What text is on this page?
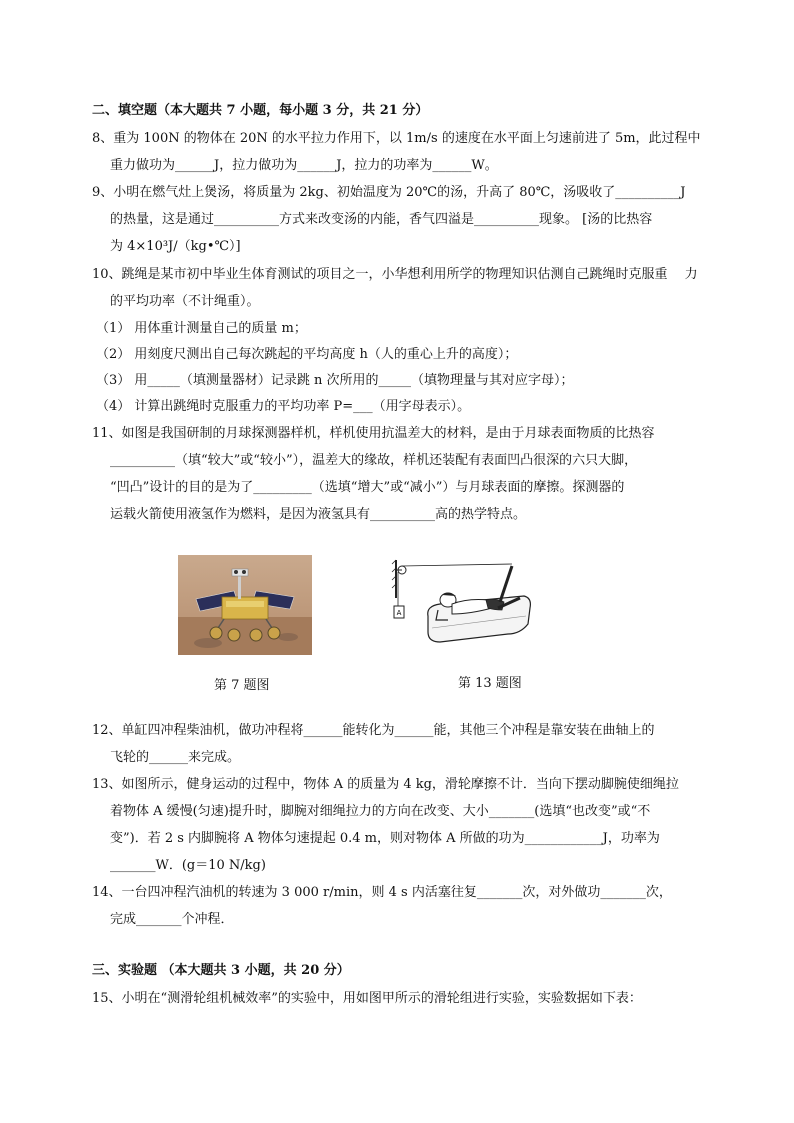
二、填空题（本大题共 7 小题，每小题 3 分，共 21 分）
8、重为 100N 的物体在 20N 的水平拉力作用下，以 1m/s 的速度在水平面上匀速前进了 5m，此过程中
重力做功为______J，拉力做功为______J，拉力的功率为______W。
9、小明在燃气灶上煲汤，将质量为 2kg、初始温度为 20℃的汤，升高了 80℃，汤吸收了__________J
的热量，这是通过__________方式来改变汤的内能，香气四溢是__________现象。 [汤的比热容
为 4×10³J/（kg•℃）]
10、跳绳是某市初中毕业生体育测试的项目之一，小华想利用所学的物理知识估测自己跳绳时克服重　 力
的平均功率（不计绳重）。
（1） 用体重计测量自己的质量 m；
（2） 用刻度尺测出自己每次跳起的平均高度 h（人的重心上升的高度）；
（3） 用_____（填测量器材）记录跳 n 次所用的_____（填物理量与其对应字母）；
（4） 计算出跳绳时克服重力的平均功率 P=___（用字母表示）。
11、如图是我国研制的月球探测器样机，样机使用抗温差大的材料，是由于月球表面物质的比热容
__________（填“较大”或“较小”），温差大的缘故，样机还装配有表面凹凸很深的六只大脚，
“凹凸”设计的目的是为了_________（选填“增大”或“减小”）与月球表面的摩擦。探测器的
运载火箭使用液氢作为燃料，是因为液氢具有__________高的热学特点。
A
第 7 题图	第 13 题图
12、单缸四冲程柴油机，做功冲程将______能转化为______能，其他三个冲程是靠安装在曲轴上的
飞轮的______来完成。
13、如图所示，健身运动的过程中，物体 A 的质量为 4 kg，滑轮摩擦不计．当向下摆动脚腕使细绳拉
着物体 A 缓慢(匀速)提升时，脚腕对细绳拉力的方向在改变、大小_______(选填“也改变”或“不
变”)．若 2 s 内脚腕将 A 物体匀速提起 0.4 m，则对物体 A 所做的功为____________J，功率为
_______W．(g＝10 N/kg)
14、一台四冲程汽油机的转速为 3 000 r/min，则 4 s 内活塞往复_______次，对外做功_______次，
完成_______个冲程．
三、实验题 （本大题共 3 小题，共 20 分）
15、小明在“测滑轮组机械效率”的实验中，用如图甲所示的滑轮组进行实验，实验数据如下表：
